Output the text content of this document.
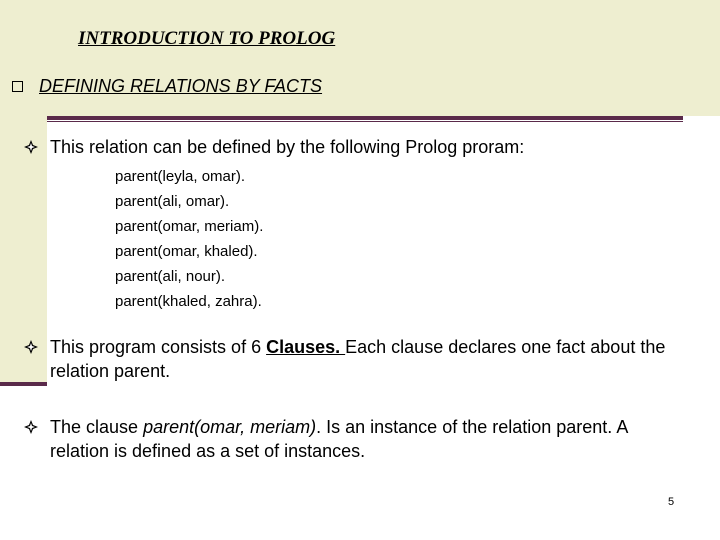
INTRODUCTION TO PROLOG
DEFINING RELATIONS BY FACTS
This relation can be defined by the following Prolog proram:
parent(leyla, omar).
parent(ali, omar).
parent(omar, meriam).
parent(omar, khaled).
parent(ali, nour).
parent(khaled, zahra).
This program consists of 6 Clauses. Each clause declares one fact about the relation parent.
The clause parent(omar, meriam). Is an instance of the relation parent. A relation is defined as a set of instances.
5
